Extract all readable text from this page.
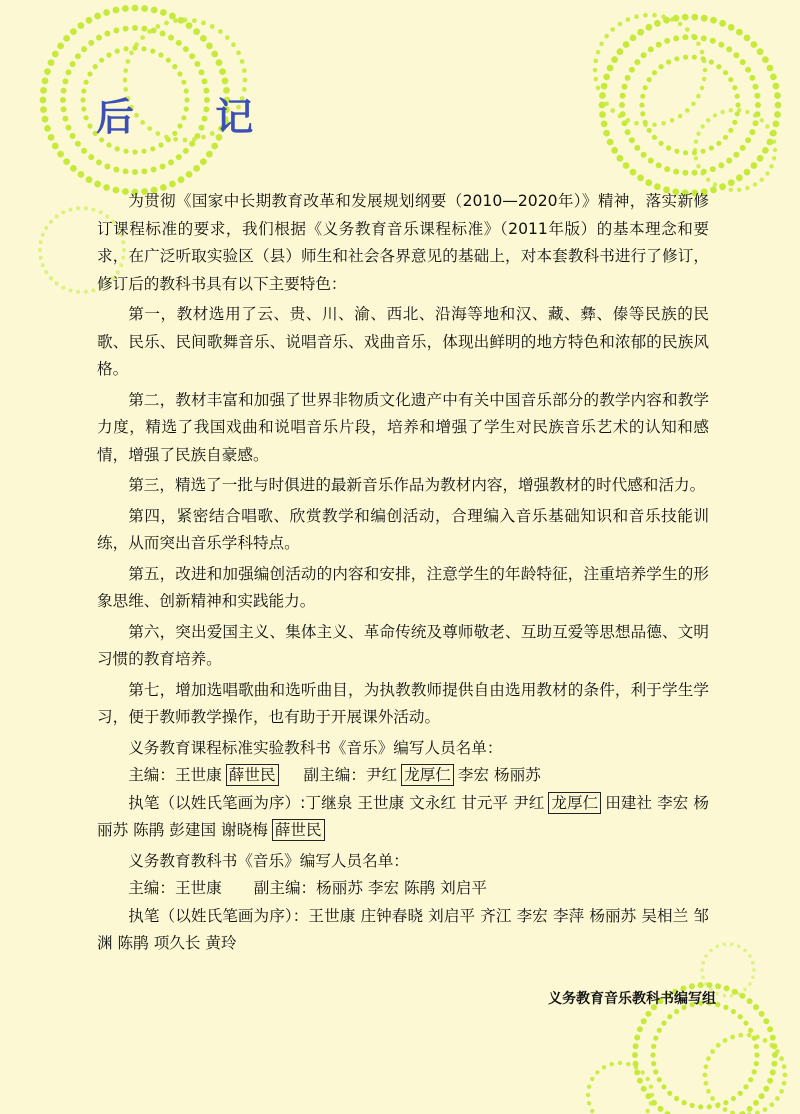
后 记

为贯彻《国家中长期教育改革和发展规划纲要（2010—2020年）》精神，落实新修订课程标准的要求，我们根据《义务教育音乐课程标准》（2011年版）的基本理念和要求，在广泛听取实验区（县）师生和社会各界意见的基础上，对本套教科书进行了修订，修订后的教科书具有以下主要特色：

第一，教材选用了云、贵、川、渝、西北、沿海等地和汉、藏、彝、傣等民族的民歌、民乐、民间歌舞音乐、说唱音乐、戏曲音乐，体现出鲜明的地方特色和浓郁的民族风格。

第二，教材丰富和加强了世界非物质文化遗产中有关中国音乐部分的教学内容和教学力度，精选了我国戏曲和说唱音乐片段，培养和增强了学生对民族音乐艺术的认知和感情，增强了民族自豪感。

第三，精选了一批与时俱进的最新音乐作品为教材内容，增强教材的时代感和活力。

第四，紧密结合唱歌、欣赏教学和编创活动，合理编入音乐基础知识和音乐技能训练，从而突出音乐学科特点。

第五，改进和加强编创活动的内容和安排，注意学生的年龄特征，注重培养学生的形象思维、创新精神和实践能力。

第六，突出爱国主义、集体主义、革命传统及尊师敬老、互助互爱等思想品德、文明习惯的教育培养。

第七，增加选唱歌曲和选听曲目，为执教教师提供自由选用教材的条件，利于学生学习，便于教师教学操作，也有助于开展课外活动。

义务教育课程标准实验教科书《音乐》编写人员名单：

主编：王世康 薛世民 副主编：尹红 龙厚仁 李宏 杨丽苏

执笔（以姓氏笔画为序）:丁继泉 王世康 文永红 甘元平 尹红 龙厚仁 田建社 李宏 杨丽苏 陈鹃 彭建国 谢晓梅 薛世民

义务教育教科书《音乐》编写人员名单：

主编：王世康 副主编：杨丽苏 李宏 陈鹃 刘启平

执笔（以姓氏笔画为序）：王世康 庄钟春晓 刘启平 齐江 李宏 李萍 杨丽苏 吴相兰 邹渊 陈鹃 项久长 黄玲

义务教育音乐教科书编写组
